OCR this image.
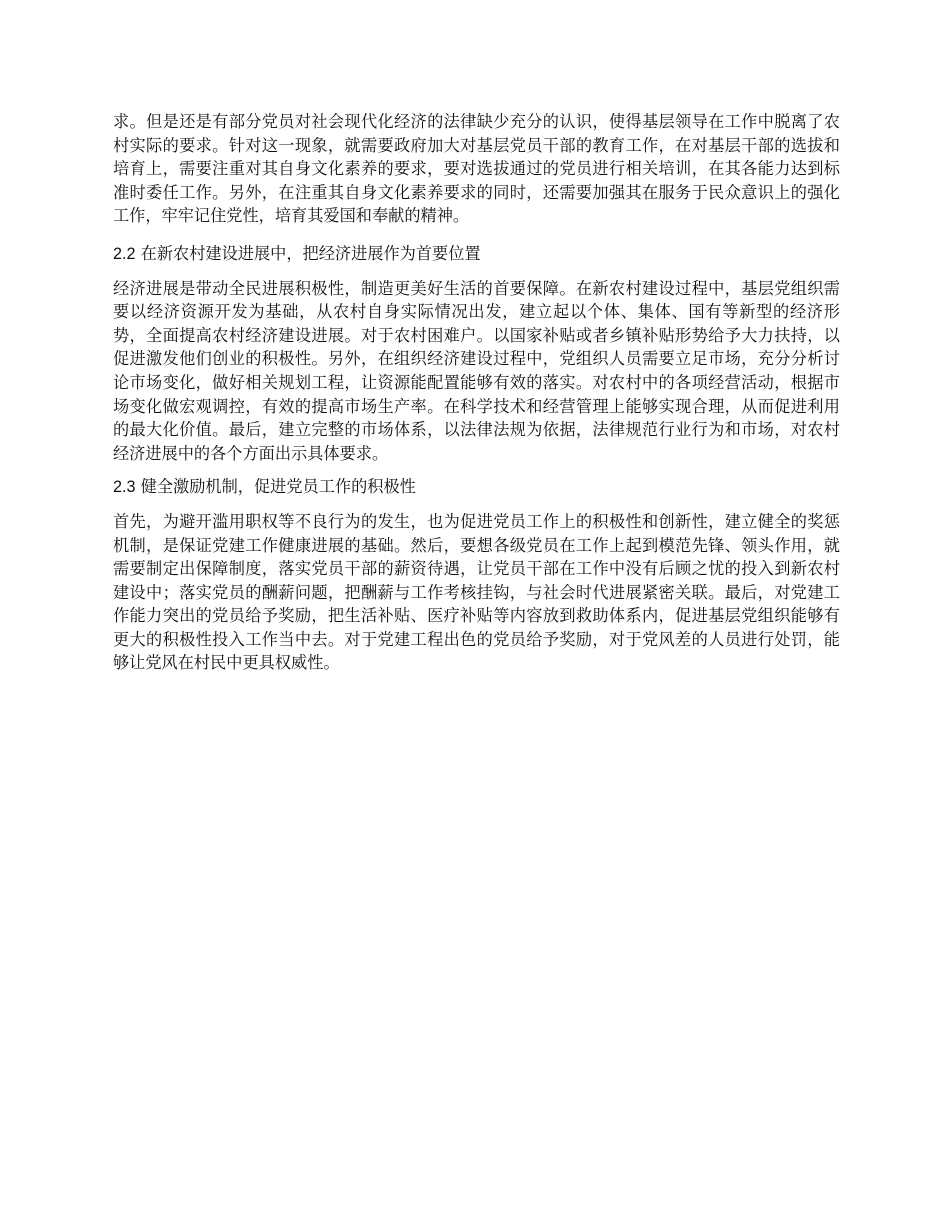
求。但是还是有部分党员对社会现代化经济的法律缺少充分的认识，使得基层领导在工作中脱离了农村实际的要求。针对这一现象，就需要政府加大对基层党员干部的教育工作，在对基层干部的选拔和培育上，需要注重对其自身文化素养的要求，要对选拔通过的党员进行相关培训，在其各能力达到标准时委任工作。另外，在注重其自身文化素养要求的同时，还需要加强其在服务于民众意识上的强化工作，牢牢记住党性，培育其爱国和奉献的精神。

2.2 在新农村建设进展中，把经济进展作为首要位置

经济进展是带动全民进展积极性，制造更美好生活的首要保障。在新农村建设过程中，基层党组织需要以经济资源开发为基础，从农村自身实际情况出发，建立起以个体、集体、国有等新型的经济形势，全面提高农村经济建设进展。对于农村困难户。以国家补贴或者乡镇补贴形势给予大力扶持，以促进激发他们创业的积极性。另外，在组织经济建设过程中，党组织人员需要立足市场，充分分析讨论市场变化，做好相关规划工程，让资源能配置能够有效的落实。对农村中的各项经营活动，根据市场变化做宏观调控，有效的提高市场生产率。在科学技术和经营管理上能够实现合理，从而促进利用的最大化价值。最后，建立完整的市场体系，以法律法规为依据，法律规范行业行为和市场，对农村经济进展中的各个方面出示具体要求。

2.3 健全激励机制，促进党员工作的积极性

首先，为避开滥用职权等不良行为的发生，也为促进党员工作上的积极性和创新性，建立健全的奖惩机制，是保证党建工作健康进展的基础。然后，要想各级党员在工作上起到模范先锋、领头作用，就需要制定出保障制度，落实党员干部的薪资待遇，让党员干部在工作中没有后顾之忧的投入到新农村建设中；落实党员的酬薪问题，把酬薪与工作考核挂钩，与社会时代进展紧密关联。最后，对党建工作能力突出的党员给予奖励，把生活补贴、医疗补贴等内容放到救助体系内，促进基层党组织能够有更大的积极性投入工作当中去。对于党建工程出色的党员给予奖励，对于党风差的人员进行处罚，能够让党风在村民中更具权威性。
